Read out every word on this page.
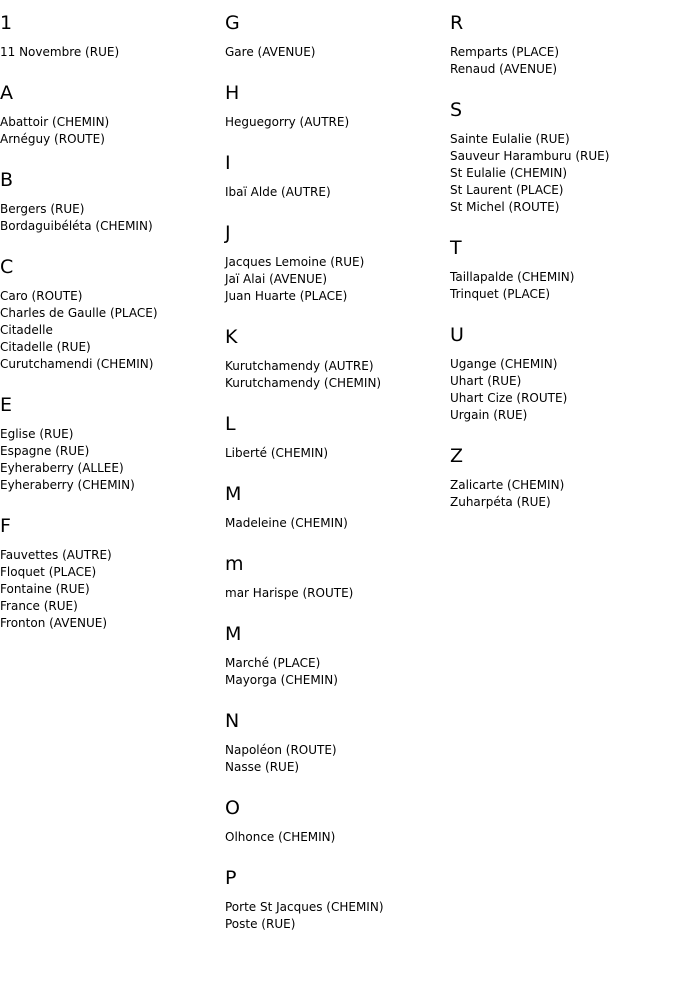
1
11 Novembre (RUE)
A
Abattoir (CHEMIN)
Arnéguy (ROUTE)
B
Bergers (RUE)
Bordaguibéléta (CHEMIN)
C
Caro (ROUTE)
Charles de Gaulle (PLACE)
Citadelle
Citadelle (RUE)
Curutchamendi (CHEMIN)
E
Eglise (RUE)
Espagne (RUE)
Eyheraberry (ALLEE)
Eyheraberry (CHEMIN)
F
Fauvettes (AUTRE)
Floquet (PLACE)
Fontaine (RUE)
France (RUE)
Fronton (AVENUE)
G
Gare (AVENUE)
H
Heguegorry (AUTRE)
I
Ibaï Alde (AUTRE)
J
Jacques Lemoine (RUE)
Jaï Alai (AVENUE)
Juan Huarte (PLACE)
K
Kurutchamendy (AUTRE)
Kurutchamendy (CHEMIN)
L
Liberté (CHEMIN)
M
Madeleine (CHEMIN)
m
mar Harispe (ROUTE)
M
Marché (PLACE)
Mayorga (CHEMIN)
N
Napoléon (ROUTE)
Nasse (RUE)
O
Olhonce (CHEMIN)
P
Porte St Jacques (CHEMIN)
Poste (RUE)
R
Remparts (PLACE)
Renaud (AVENUE)
S
Sainte Eulalie (RUE)
Sauveur Haramburu (RUE)
St Eulalie (CHEMIN)
St Laurent (PLACE)
St Michel (ROUTE)
T
Taillapalde (CHEMIN)
Trinquet (PLACE)
U
Ugange (CHEMIN)
Uhart (RUE)
Uhart Cize (ROUTE)
Urgain (RUE)
Z
Zalicarte (CHEMIN)
Zuharpéta (RUE)
